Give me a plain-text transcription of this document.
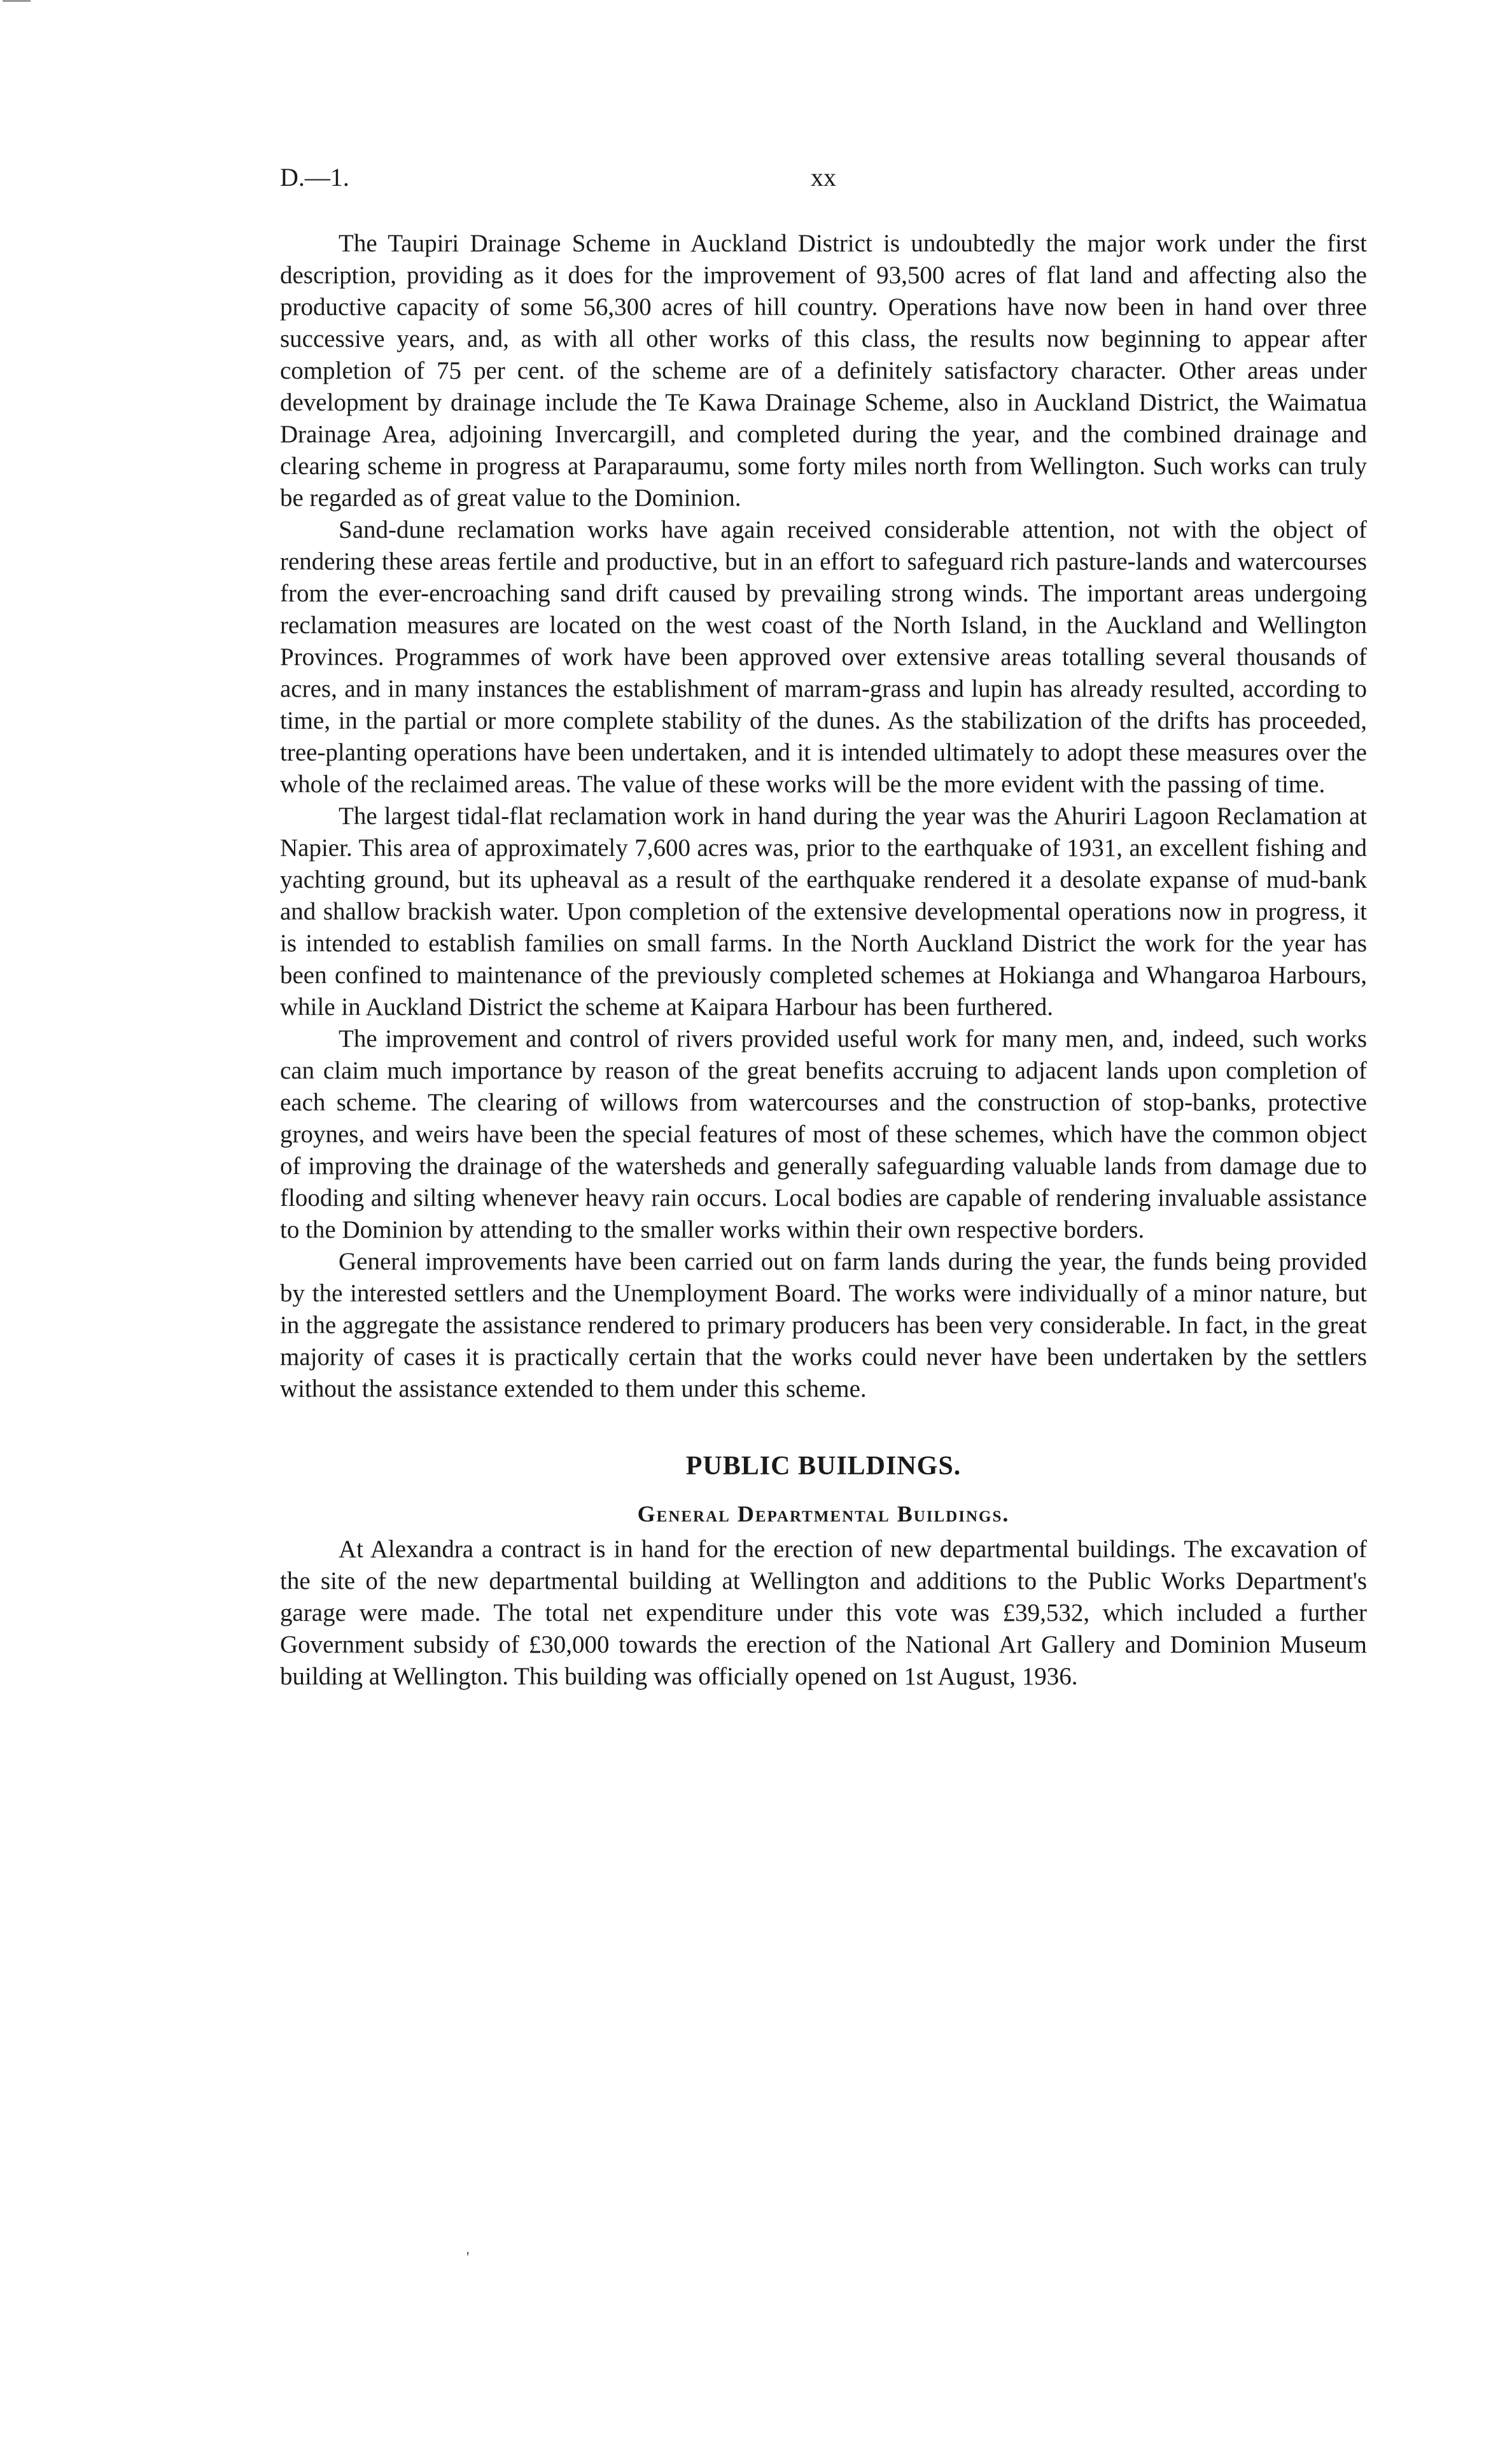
D.—1.	xx

The Taupiri Drainage Scheme in Auckland District is undoubtedly the major work under the first description, providing as it does for the improvement of 93,500 acres of flat land and affecting also the productive capacity of some 56,300 acres of hill country. Operations have now been in hand over three successive years, and, as with all other works of this class, the results now beginning to appear after completion of 75 per cent. of the scheme are of a definitely satisfactory character. Other areas under development by drainage include the Te Kawa Drainage Scheme, also in Auckland District, the Waimatua Drainage Area, adjoining Invercargill, and completed during the year, and the combined drainage and clearing scheme in progress at Paraparaumu, some forty miles north from Wellington. Such works can truly be regarded as of great value to the Dominion.

Sand-dune reclamation works have again received considerable attention, not with the object of rendering these areas fertile and productive, but in an effort to safeguard rich pasture-lands and watercourses from the ever-encroaching sand drift caused by prevailing strong winds. The important areas undergoing reclamation measures are located on the west coast of the North Island, in the Auckland and Wellington Provinces. Programmes of work have been approved over extensive areas totalling several thousands of acres, and in many instances the establishment of marram-grass and lupin has already resulted, according to time, in the partial or more complete stability of the dunes. As the stabilization of the drifts has proceeded, tree-planting operations have been undertaken, and it is intended ultimately to adopt these measures over the whole of the reclaimed areas. The value of these works will be the more evident with the passing of time.

The largest tidal-flat reclamation work in hand during the year was the Ahuriri Lagoon Reclamation at Napier. This area of approximately 7,600 acres was, prior to the earthquake of 1931, an excellent fishing and yachting ground, but its upheaval as a result of the earthquake rendered it a desolate expanse of mud-bank and shallow brackish water. Upon completion of the extensive developmental operations now in progress, it is intended to establish families on small farms. In the North Auckland District the work for the year has been confined to maintenance of the previously completed schemes at Hokianga and Whangaroa Harbours, while in Auckland District the scheme at Kaipara Harbour has been furthered.

The improvement and control of rivers provided useful work for many men, and, indeed, such works can claim much importance by reason of the great benefits accruing to adjacent lands upon completion of each scheme. The clearing of willows from watercourses and the construction of stop-banks, protective groynes, and weirs have been the special features of most of these schemes, which have the common object of improving the drainage of the watersheds and generally safeguarding valuable lands from damage due to flooding and silting whenever heavy rain occurs. Local bodies are capable of rendering invaluable assistance to the Dominion by attending to the smaller works within their own respective borders.

General improvements have been carried out on farm lands during the year, the funds being provided by the interested settlers and the Unemployment Board. The works were individually of a minor nature, but in the aggregate the assistance rendered to primary producers has been very considerable. In fact, in the great majority of cases it is practically certain that the works could never have been undertaken by the settlers without the assistance extended to them under this scheme.

PUBLIC BUILDINGS.
General Departmental Buildings.

At Alexandra a contract is in hand for the erection of new departmental buildings. The excavation of the site of the new departmental building at Wellington and additions to the Public Works Department's garage were made. The total net expenditure under this vote was £39,532, which included a further Government subsidy of £30,000 towards the erection of the National Art Gallery and Dominion Museum building at Wellington. This building was officially opened on 1st August, 1936.

'
